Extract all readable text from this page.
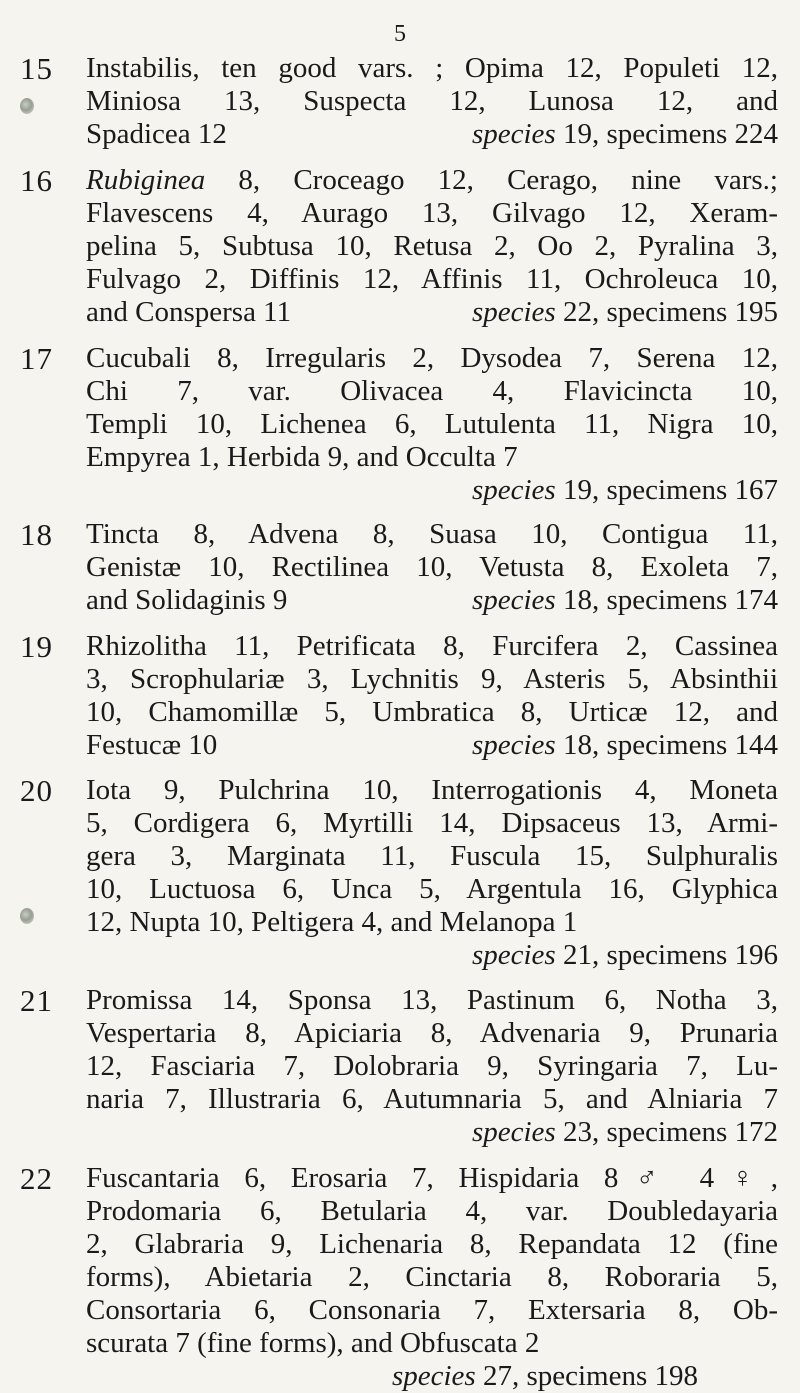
5
15	Instabilis, ten good vars. ; Opima 12, Populeti 12,
Miniosa 13, Suspecta 12, Lunosa 12, and
Spadicea 12	species 19, specimens 224
16	Rubiginea 8, Croceago 12, Cerago, nine vars.;
Flavescens 4, Aurago 13, Gilvago 12, Xeram-
pelina 5, Subtusa 10, Retusa 2, Oo 2, Pyralina 3,
Fulvago 2, Diffinis 12, Affinis 11, Ochroleuca 10,
and Conspersa 11	species 22, specimens 195
17	Cucubali 8, Irregularis 2, Dysodea 7, Serena 12,
Chi 7, var. Olivacea 4, Flavicincta 10,
Templi 10, Lichenea 6, Lutulenta 11, Nigra 10,
Empyrea 1, Herbida 9, and Occulta 7
species 19, specimens 167
18	Tincta 8, Advena 8, Suasa 10, Contigua 11,
Genistæ 10, Rectilinea 10, Vetusta 8, Exoleta 7,
and Solidaginis 9	species 18, specimens 174
19	Rhizolitha 11, Petrificata 8, Furcifera 2, Cassinea
3, Scrophulariæ 3, Lychnitis 9, Asteris 5, Absinthii
10, Chamomillæ 5, Umbratica 8, Urticæ 12, and
Festucæ 10	species 18, specimens 144
20	Iota 9, Pulchrina 10, Interrogationis 4, Moneta
5, Cordigera 6, Myrtilli 14, Dipsaceus 13, Armi-
gera 3, Marginata 11, Fuscula 15, Sulphuralis
10, Luctuosa 6, Unca 5, Argentula 16, Glyphica
12, Nupta 10, Peltigera 4, and Melanopa 1
species 21, specimens 196
21	Promissa 14, Sponsa 13, Pastinum 6, Notha 3,
Vespertaria 8, Apiciaria 8, Advenaria 9, Prunaria
12, Fasciaria 7, Dolobraria 9, Syringaria 7, Lu-
naria 7, Illustraria 6, Autumnaria 5, and Alniaria 7
species 23, specimens 172
22	Fuscantaria 6, Erosaria 7, Hispidaria 8♂ 4♀,
Prodomaria 6, Betularia 4, var. Doubledayaria
2, Glabraria 9, Lichenaria 8, Repandata 12 (fine
forms), Abietaria 2, Cinctaria 8, Roboraria 5,
Consortaria 6, Consonaria 7, Extersaria 8, Ob-
scurata 7 (fine forms), and Obfuscata 2
species 27, specimens 198
